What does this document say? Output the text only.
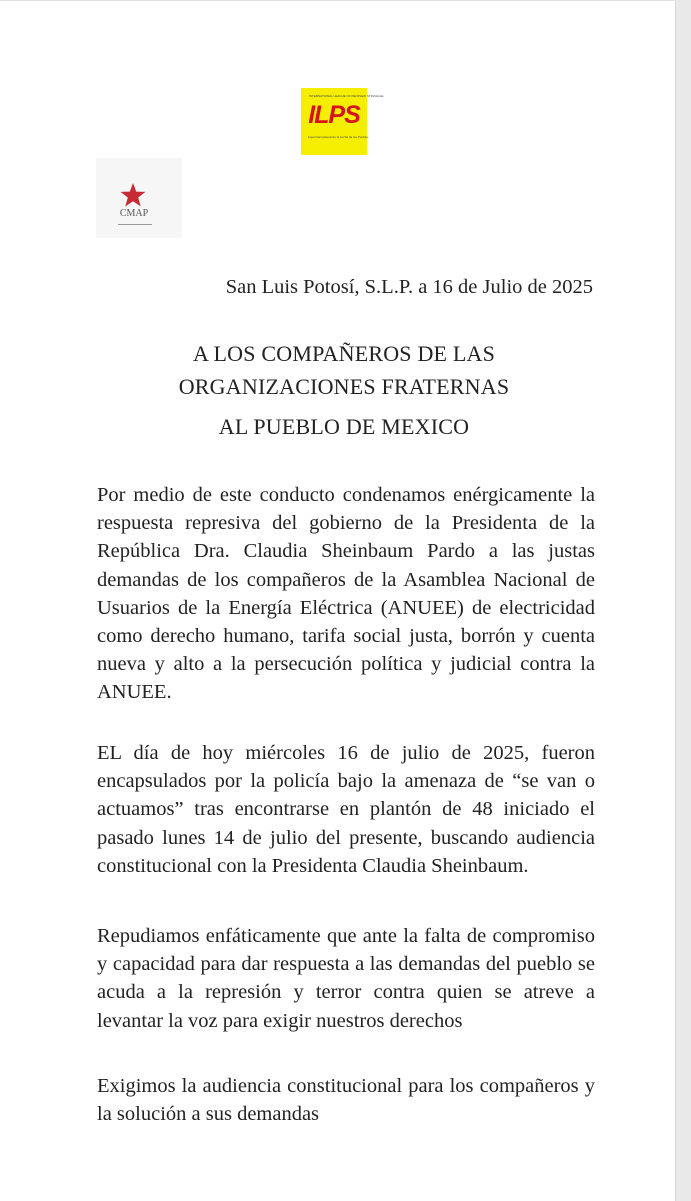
INTERNATIONAL LEAGUE OF PEOPLES' STRUGGLE
ILPS
Liga Internacional de la Lucha de los Pueblos
CMAP
San Luis Potosí, S.L.P. a 16 de Julio de 2025
A LOS COMPAÑEROS DE LAS
ORGANIZACIONES FRATERNAS
AL PUEBLO DE MEXICO

Por medio de este conducto condenamos enérgicamente la respuesta represiva del gobierno de la Presidenta de la República Dra. Claudia Sheinbaum Pardo a las justas demandas de los compañeros de la Asamblea Nacional de Usuarios de la Energía Eléctrica (ANUEE) de electricidad como derecho humano, tarifa social justa, borrón y cuenta nueva y alto a la persecución política y judicial contra la ANUEE.

EL día de hoy miércoles 16 de julio de 2025, fueron encapsulados por la policía bajo la amenaza de “se van o actuamos” tras encontrarse en plantón de 48 iniciado el pasado lunes 14 de julio del presente, buscando audiencia constitucional con la Presidenta Claudia Sheinbaum.

Repudiamos enfáticamente que ante la falta de compromiso y capacidad para dar respuesta a las demandas del pueblo se acuda a la represión y terror contra quien se atreve a levantar la voz para exigir nuestros derechos

Exigimos la audiencia constitucional para los compañeros y la solución a sus demandas
